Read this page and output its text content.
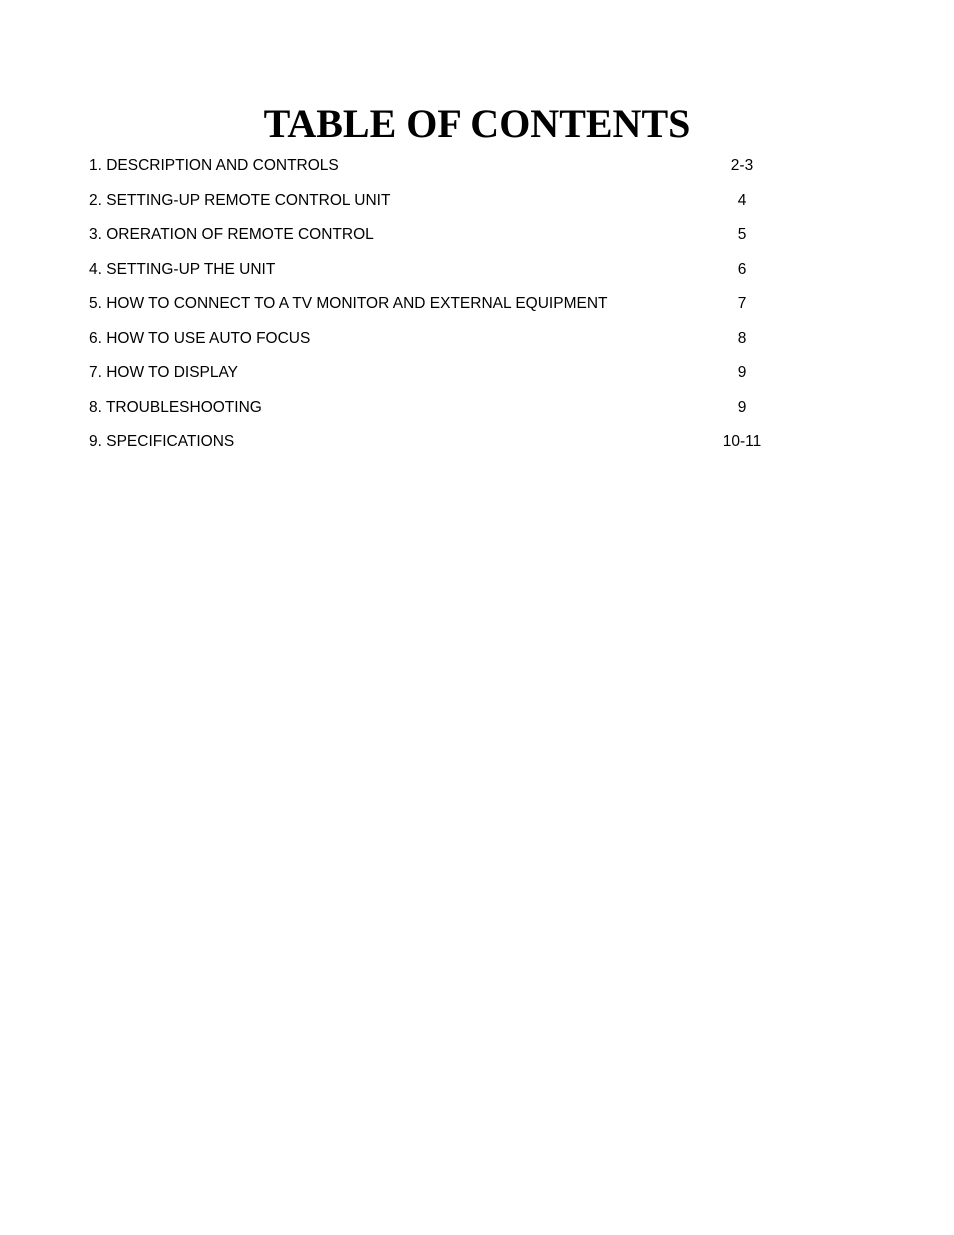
TABLE OF CONTENTS
1. DESCRIPTION AND CONTROLS	2-3
2. SETTING-UP REMOTE CONTROL UNIT	4
3. ORERATION OF REMOTE CONTROL	5
4. SETTING-UP THE UNIT	6
5. HOW TO CONNECT TO A TV MONITOR AND EXTERNAL EQUIPMENT	7
6. HOW TO USE AUTO FOCUS	8
7. HOW TO DISPLAY	9
8. TROUBLESHOOTING	9
9. SPECIFICATIONS	10-11
